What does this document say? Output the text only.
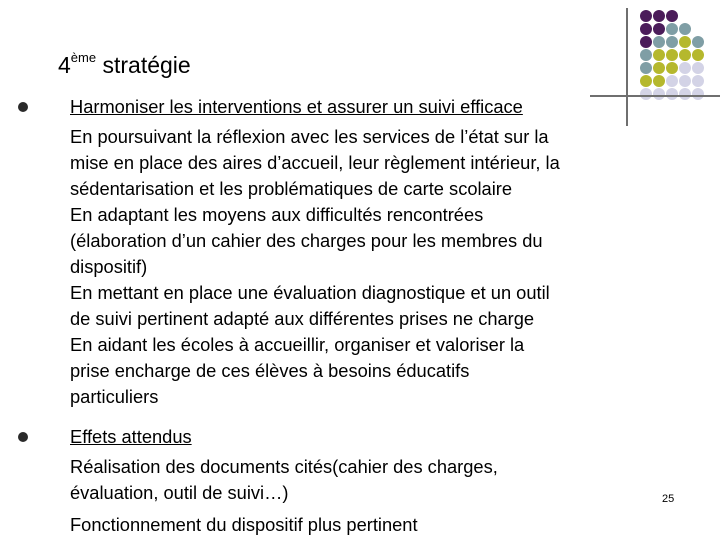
4ème stratégie
Harmoniser les interventions et assurer un suivi efficace
En poursuivant la réflexion avec les services de l’état sur la
mise en place des aires d’accueil, leur règlement intérieur, la
sédentarisation et les problématiques de carte scolaire
En adaptant les moyens aux difficultés rencontrées
(élaboration d’un cahier des charges pour les membres du
dispositif)
En mettant en place une évaluation diagnostique et un outil
de suivi pertinent adapté aux différentes prises ne charge
En aidant les écoles à accueillir, organiser et valoriser la
prise encharge de ces élèves à besoins éducatifs
particuliers
Effets attendus
Réalisation des documents cités(cahier des charges,
évaluation, outil de suivi…)
Fonctionnement du dispositif plus pertinent
25
